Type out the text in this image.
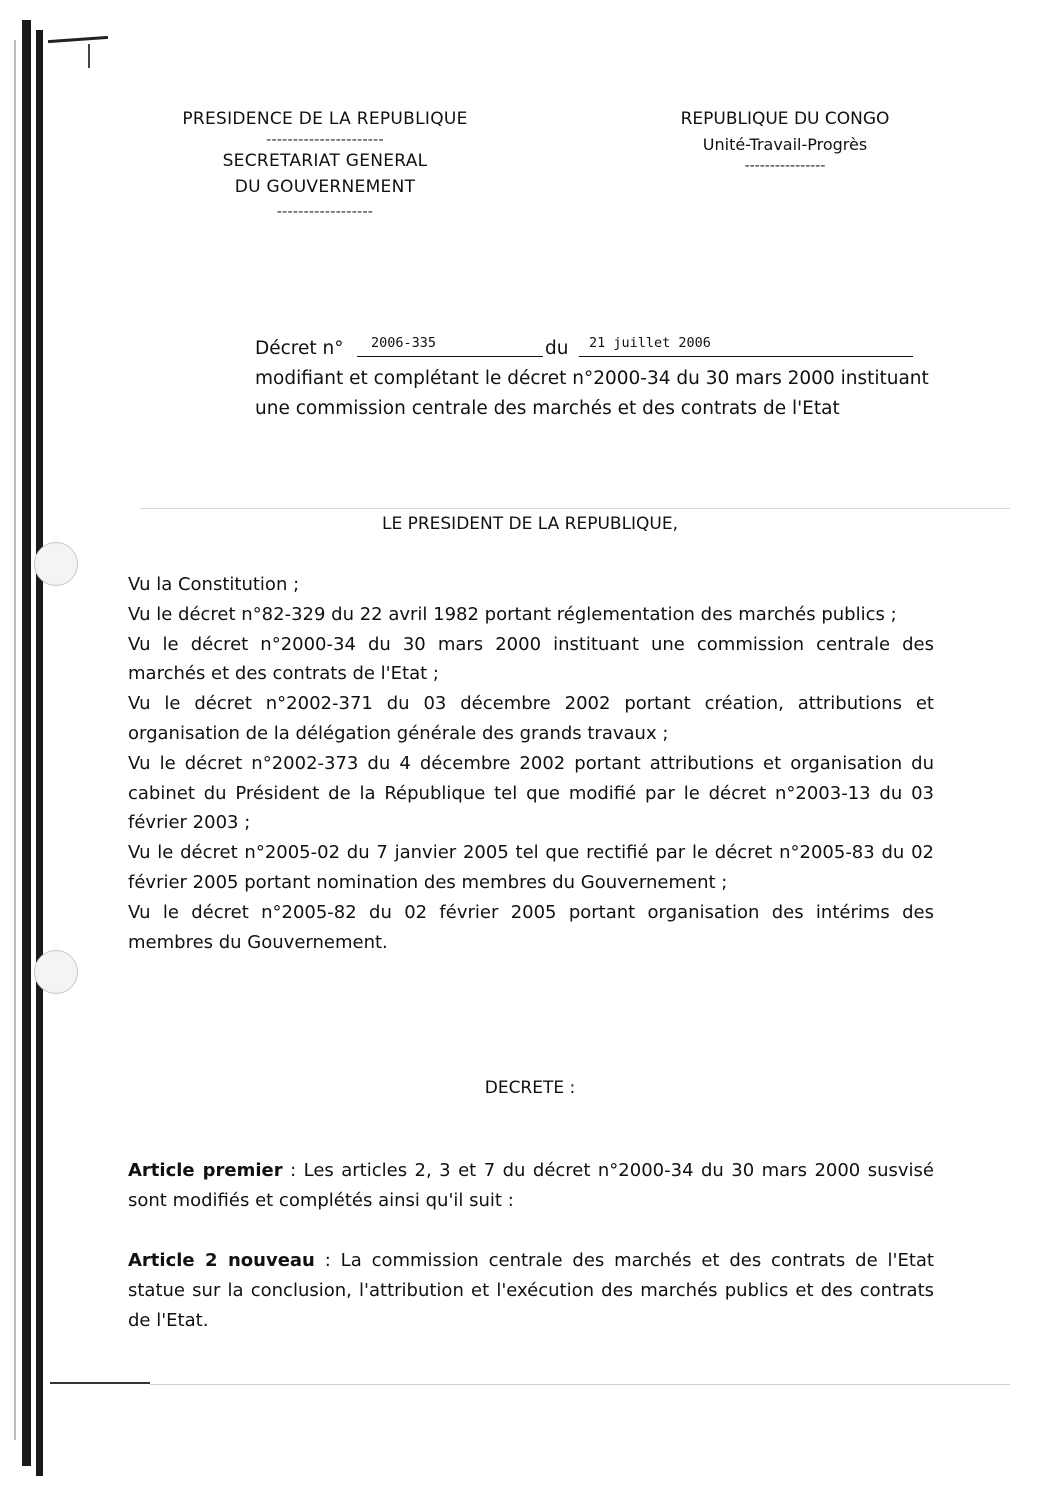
PRESIDENCE DE LA REPUBLIQUE
----------------------
SECRETARIAT GENERAL
DU GOUVERNEMENT
------------------
REPUBLIQUE DU CONGO
Unité-Travail-Progrès
----------------
Décret n° 2006-335	du 21 juillet 2006
modifiant et complétant le décret n°2000-34 du 30 mars 2000 instituant une commission centrale des marchés et des contrats de l'Etat
LE PRESIDENT DE LA REPUBLIQUE,

Vu la Constitution ;

Vu le décret n°82-329 du 22 avril 1982 portant réglementation des marchés publics ;

Vu le décret n°2000-34 du 30 mars 2000 instituant une commission centrale des marchés et des contrats de l'Etat ;

Vu le décret n°2002-371 du 03 décembre 2002 portant création, attributions et organisation de la délégation générale des grands travaux ;

Vu le décret n°2002-373 du 4 décembre 2002 portant attributions et organisation du cabinet du Président de la République tel que modifié par le décret n°2003-13 du 03 février 2003 ;

Vu le décret n°2005-02 du 7 janvier 2005 tel que rectifié par le décret n°2005-83 du 02 février 2005 portant nomination des membres du Gouvernement ;

Vu le décret n°2005-82 du 02 février 2005 portant organisation des intérims des membres du Gouvernement.

DECRETE :
Article premier : Les articles 2, 3 et 7 du décret n°2000-34 du 30 mars 2000 susvisé sont modifiés et complétés ainsi qu'il suit :
Article 2 nouveau : La commission centrale des marchés et des contrats de l'Etat statue sur la conclusion, l'attribution et l'exécution des marchés publics et des contrats de l'Etat.
